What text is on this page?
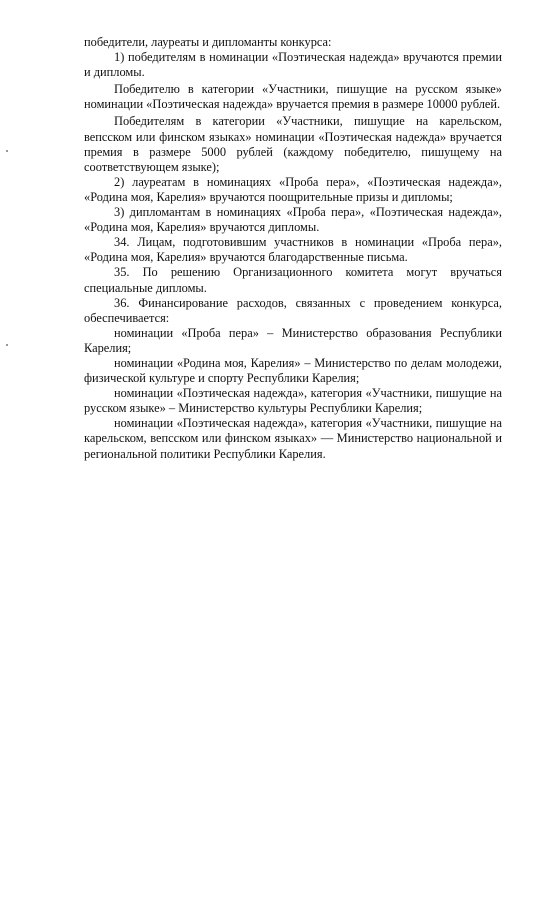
победители, лауреаты и дипломанты конкурса:

1) победителям в номинации «Поэтическая надежда» вручаются премии и дипломы.

Победителю в категории «Участники, пишущие на русском языке» номинации «Поэтическая надежда» вручается премия в размере 10000 рублей.

Победителям в категории «Участники, пишущие на карельском, вепсском или финском языках» номинации «Поэтическая надежда» вручается премия в размере 5000 рублей (каждому победителю, пишущему на соответствующем языке);

2) лауреатам в номинациях «Проба пера», «Поэтическая надежда», «Родина моя, Карелия» вручаются поощрительные призы и дипломы;

3) дипломантам в номинациях «Проба пера», «Поэтическая надежда», «Родина моя, Карелия» вручаются дипломы.

34. Лицам, подготовившим участников в номинации «Проба пера», «Родина моя, Карелия» вручаются благодарственные письма.

35. По решению Организационного комитета могут вручаться специальные дипломы.

36. Финансирование расходов, связанных с проведением конкурса, обеспечивается:

номинации «Проба пера» – Министерство образования Республики Карелия;

номинации «Родина моя, Карелия» – Министерство по делам молодежи, физической культуре и спорту Республики Карелия;

номинации «Поэтическая надежда», категория «Участники, пишущие на русском языке» – Министерство культуры Республики Карелия;

номинации «Поэтическая надежда», категория «Участники, пишущие на карельском, вепсском или финском языках» — Министерство национальной и региональной политики Республики Карелия.
